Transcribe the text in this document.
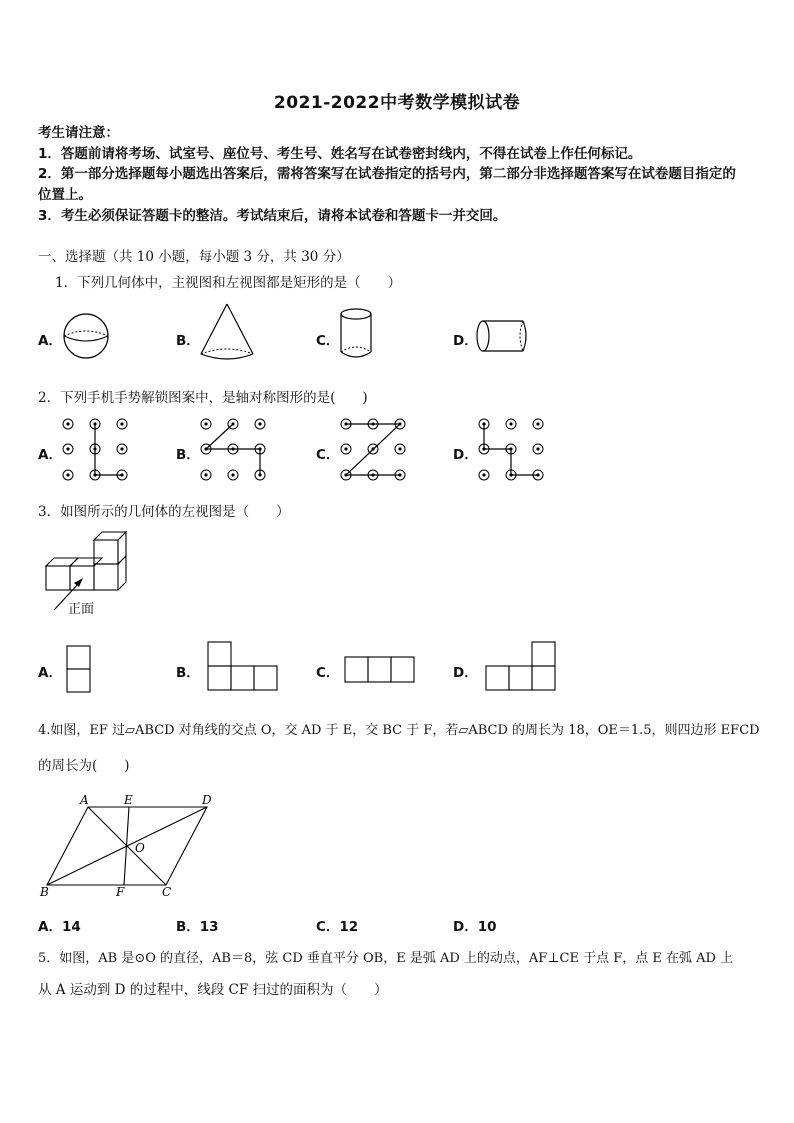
2021-2022中考数学模拟试卷
考生请注意：
1．答题前请将考场、试室号、座位号、考生号、姓名写在试卷密封线内，不得在试卷上作任何标记。
2．第一部分选择题每小题选出答案后，需将答案写在试卷指定的括号内，第二部分非选择题答案写在试卷题目指定的
位置上。
3．考生必须保证答题卡的整洁。考试结束后，请将本试卷和答题卡一并交回。
一、选择题（共 10 小题，每小题 3 分，共 30 分）
1．下列几何体中，主视图和左视图都是矩形的是（　　）
A．	B．	C．	D．
2．下列手机手势解锁图案中，是轴对称图形的是(　　)
A．	B．	C．	D．
3．如图所示的几何体的左视图是（　　）
正面
A．	B．	C．	D．
4.如图，EF 过▱ABCD 对角线的交点 O，交 AD 于 E，交 BC 于 F，若▱ABCD 的周长为 18，OE＝1.5，则四边形 EFCD
的周长为(　　)
A	E	D
O
B	F	C
A．14	B．13	C．12	D．10
5．如图，AB 是⊙O 的直径，AB＝8，弦 CD 垂直平分 OB，E 是弧 AD 上的动点，AF⊥CE 于点 F，点 E 在弧 AD 上
从 A 运动到 D 的过程中，线段 CF 扫过的面积为（　　）
